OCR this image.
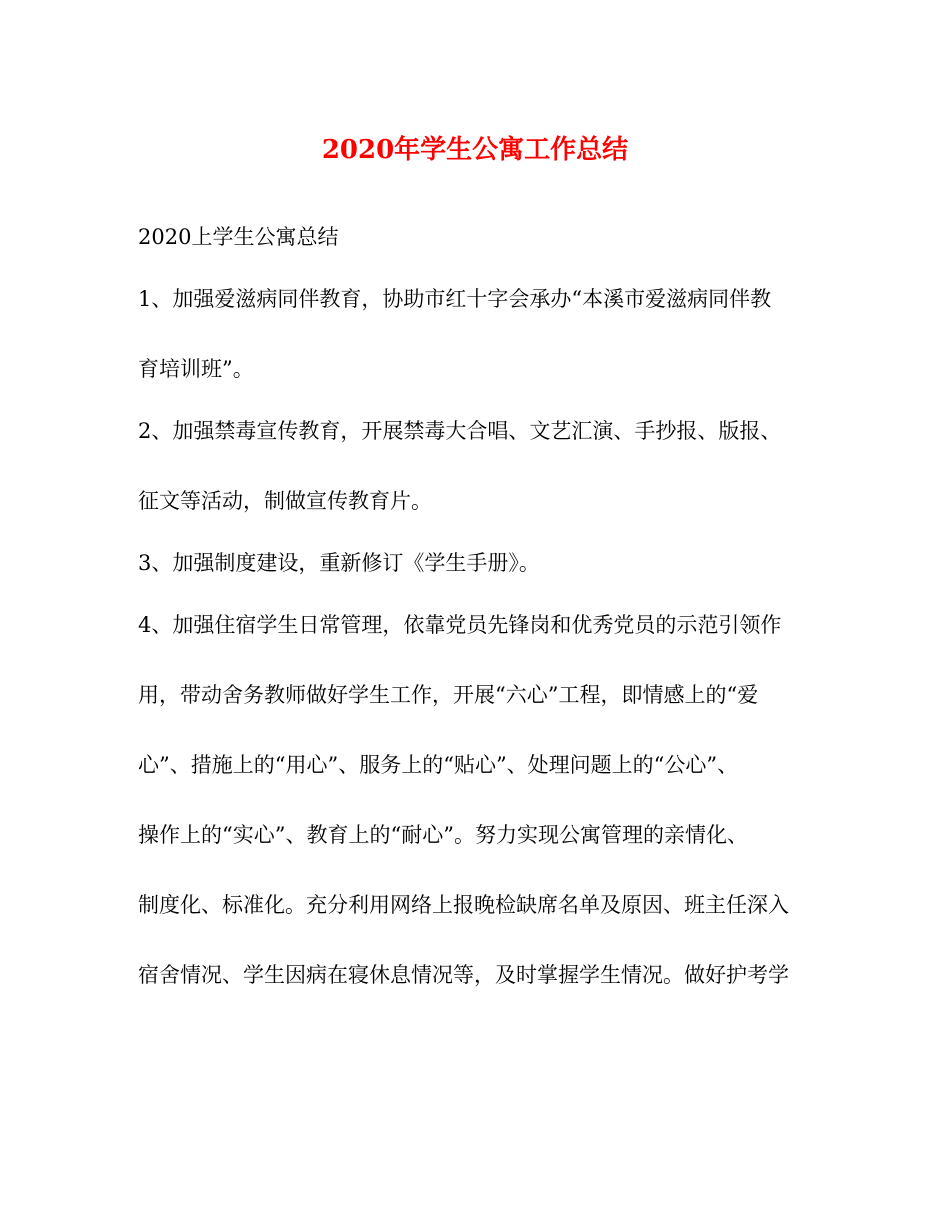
2020年学生公寓工作总结
2020上学生公寓总结
1、加强爱滋病同伴教育，协助市红十字会承办“本溪市爱滋病同伴教
育培训班”。
2、加强禁毒宣传教育，开展禁毒大合唱、文艺汇演、手抄报、版报、
征文等活动，制做宣传教育片。
3、加强制度建设，重新修订《学生手册》。
4、加强住宿学生日常管理，依靠党员先锋岗和优秀党员的示范引领作
用，带动舍务教师做好学生工作，开展“六心”工程，即情感上的“爱
心”、措施上的“用心”、服务上的“贴心”、处理问题上的“公心”、
操作上的“实心”、教育上的“耐心”。努力实现公寓管理的亲情化、
制度化、标准化。充分利用网络上报晚检缺席名单及原因、班主任深入
宿舍情况、学生因病在寝休息情况等，及时掌握学生情况。做好护考学
